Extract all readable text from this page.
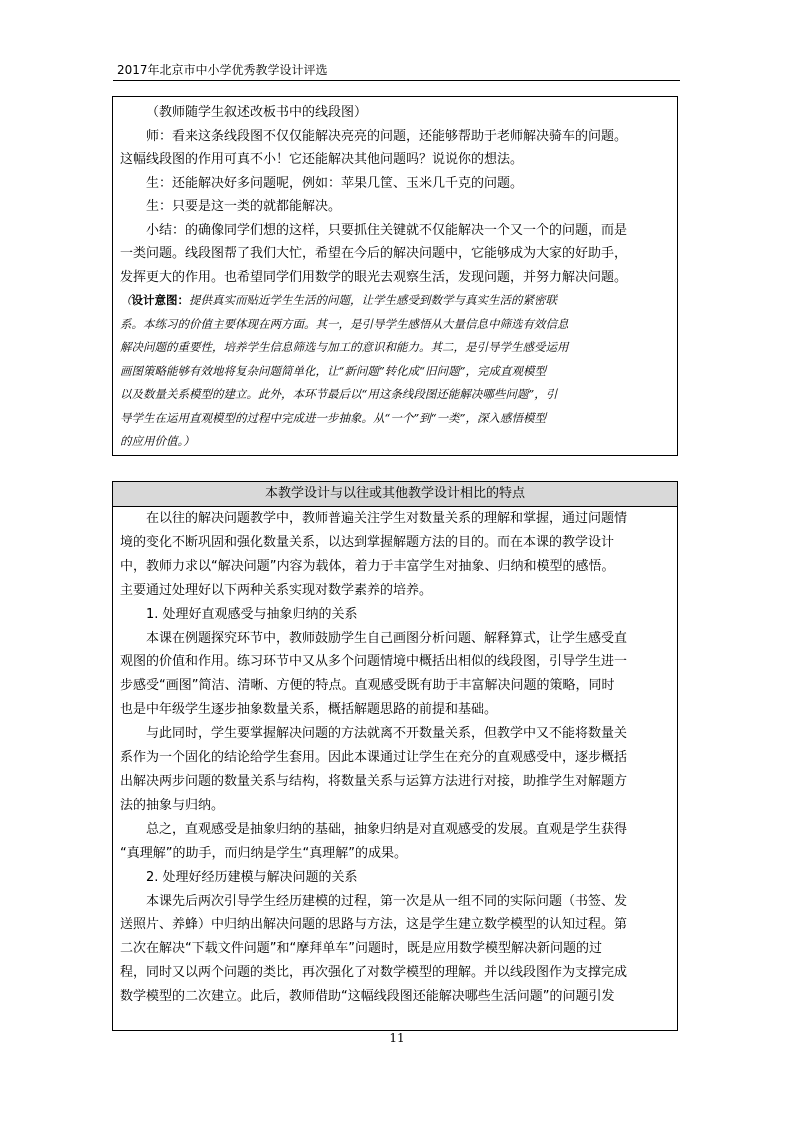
2017年北京市中小学优秀教学设计评选
（教师随学生叙述改板书中的线段图）
师：看来这条线段图不仅仅能解决亮亮的问题，还能够帮助于老师解决骑车的问题。
这幅线段图的作用可真不小！它还能解决其他问题吗？说说你的想法。
生：还能解决好多问题呢，例如：苹果几筐、玉米几千克的问题。
生：只要是这一类的就都能解决。
小结：的确像同学们想的这样，只要抓住关键就不仅能解决一个又一个的问题，而是
一类问题。线段图帮了我们大忙，希望在今后的解决问题中，它能够成为大家的好助手，
发挥更大的作用。也希望同学们用数学的眼光去观察生活，发现问题，并努力解决问题。
（设计意图：提供真实而贴近学生生活的问题，让学生感受到数学与真实生活的紧密联
系。本练习的价值主要体现在两方面。其一，是引导学生感悟从大量信息中筛选有效信息
解决问题的重要性，培养学生信息筛选与加工的意识和能力。其二，是引导学生感受运用
画图策略能够有效地将复杂问题简单化，让“新问题”转化成“旧问题”，完成直观模型
以及数量关系模型的建立。此外，本环节最后以“用这条线段图还能解决哪些问题”，引
导学生在运用直观模型的过程中完成进一步抽象。从“一个”到“一类”，深入感悟模型
的应用价值。）
本教学设计与以往或其他教学设计相比的特点
在以往的解决问题教学中，教师普遍关注学生对数量关系的理解和掌握，通过问题情
境的变化不断巩固和强化数量关系，以达到掌握解题方法的目的。而在本课的教学设计
中，教师力求以“解决问题”内容为载体，着力于丰富学生对抽象、归纳和模型的感悟。
主要通过处理好以下两种关系实现对数学素养的培养。
1. 处理好直观感受与抽象归纳的关系
本课在例题探究环节中，教师鼓励学生自己画图分析问题、解释算式，让学生感受直
观图的价值和作用。练习环节中又从多个问题情境中概括出相似的线段图，引导学生进一
步感受“画图”简洁、清晰、方便的特点。直观感受既有助于丰富解决问题的策略，同时
也是中年级学生逐步抽象数量关系，概括解题思路的前提和基础。
与此同时，学生要掌握解决问题的方法就离不开数量关系，但教学中又不能将数量关
系作为一个固化的结论给学生套用。因此本课通过让学生在充分的直观感受中，逐步概括
出解决两步问题的数量关系与结构，将数量关系与运算方法进行对接，助推学生对解题方
法的抽象与归纳。
总之，直观感受是抽象归纳的基础，抽象归纳是对直观感受的发展。直观是学生获得
“真理解”的助手，而归纳是学生“真理解”的成果。
2. 处理好经历建模与解决问题的关系
本课先后两次引导学生经历建模的过程，第一次是从一组不同的实际问题（书签、发
送照片、养蜂）中归纳出解决问题的思路与方法，这是学生建立数学模型的认知过程。第
二次在解决“下载文件问题”和“摩拜单车”问题时，既是应用数学模型解决新问题的过
程，同时又以两个问题的类比，再次强化了对数学模型的理解。并以线段图作为支撑完成
数学模型的二次建立。此后，教师借助“这幅线段图还能解决哪些生活问题”的问题引发
11
